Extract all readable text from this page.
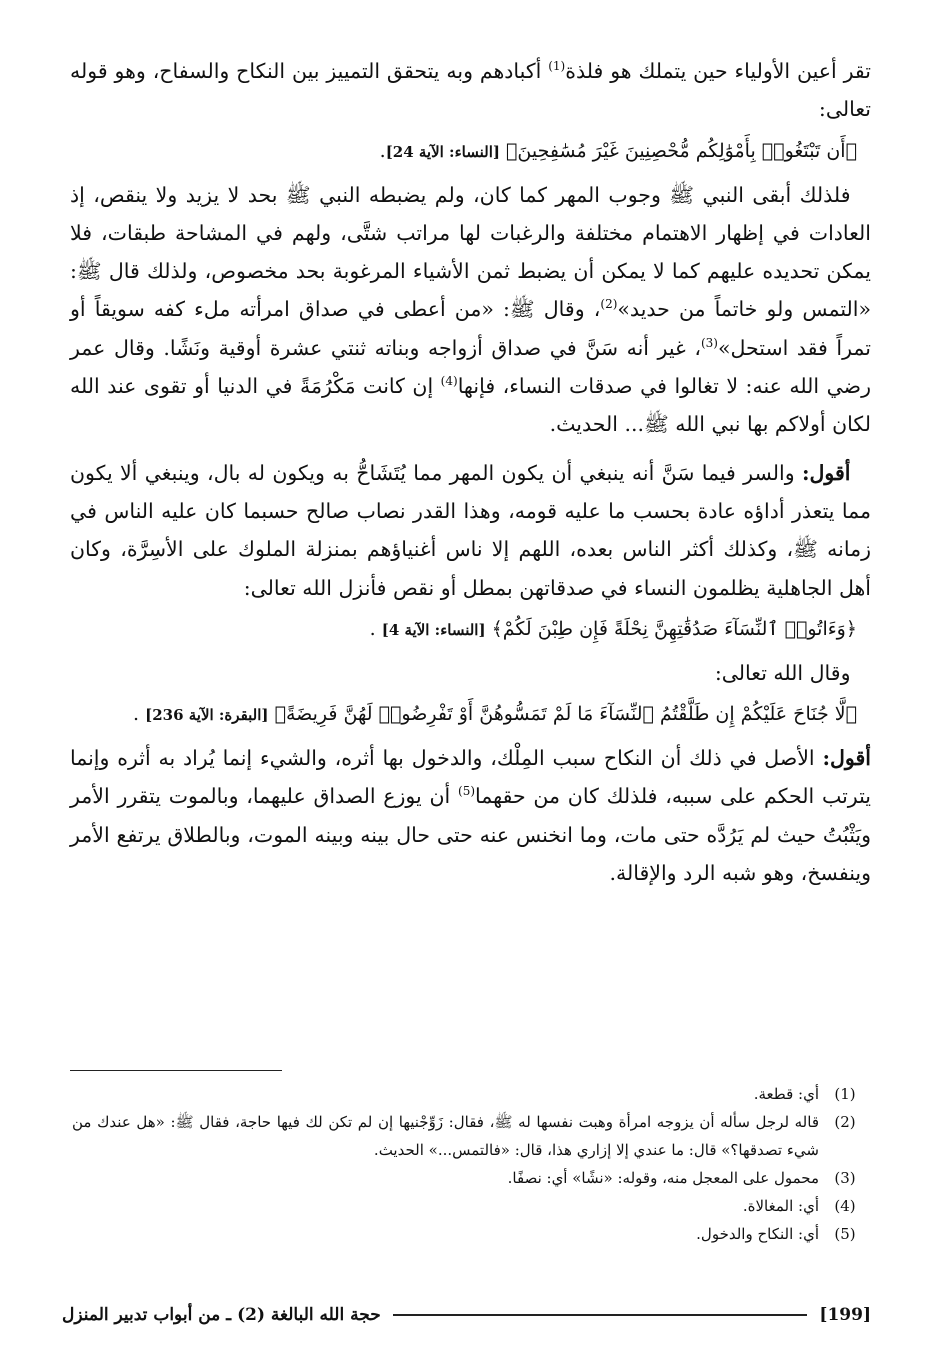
تقر أعين الأولياء حين يتملك هو فلذة$^{(1)}$ أكبادهم وبه يتحقق التمييز بين النكاح والسفاح، وهو قوله تعالى:

﴿أَن تَبْتَغُوا۟ بِأَمْوَٰلِكُم مُّحْصِنِينَ غَيْرَ مُسَٰفِحِينَ﴾ [النساء: الآية 24].

 فلذلك أبقى النبي ﷺ وجوب المهر كما كان، ولم يضبطه النبي ﷺ بحد لا يزيد ولا ينقص، إذ العادات في إظهار الاهتمام مختلفة والرغبات لها مراتب شتَّى، ولهم في المشاحة طبقات، فلا يمكن تحديده عليهم كما لا يمكن أن يضبط ثمن الأشياء المرغوبة بحد مخصوص، ولذلك قال ﷺ: «التمس ولو خاتماً من حديد»$^{(2)}$، وقال ﷺ: «من أعطى في صداق امرأته ملء كفه سويقاً أو تمراً فقد استحل»$^{(3)}$، غير أنه سَنَّ في صداق أزواجه وبناته ثنتي عشرة أوقية ونَشًا. وقال عمر رضي الله عنه: لا تغالوا في صدقات النساء، فإنها$^{(4)}$ إن كانت مَكْرُمَةً في الدنيا أو تقوى عند الله لكان أولاكم بها نبي الله ﷺ... الحديث.

 أقول: والسر فيما سَنَّ أنه ينبغي أن يكون المهر مما يُتَشَاحُّ به ويكون له بال، وينبغي ألا يكون مما يتعذر أداؤه عادة بحسب ما عليه قومه، وهذا القدر نصاب صالح حسبما كان عليه الناس في زمانه ﷺ، وكذلك أكثر الناس بعده، اللهم إلا ناس أغنياؤهم بمنزلة الملوك على الأسِرَّة، وكان أهل الجاهلية يظلمون النساء في صدقاتهن بمطل أو نقص فأنزل الله تعالى:

﴿وَءَاتُوا۟ ٱلنِّسَآءَ صَدُقَٰتِهِنَّ نِحْلَةً فَإِن طِبْنَ لَكُمْ﴾ [النساء: الآية 4] .

 وقال الله تعالى:

﴿لَّا جُنَاحَ عَلَيْكُمْ إِن طَلَّقْتُمُ ٱلنِّسَآءَ مَا لَمْ تَمَسُّوهُنَّ أَوْ تَفْرِضُوا۟ لَهُنَّ فَرِيضَةً﴾ [البقرة: الآية 236] .

أقول: الأصل في ذلك أن النكاح سبب المِلْك، والدخول بها أثره، والشيء إنما يُراد به أثره وإنما يترتب الحكم على سببه، فلذلك كان من حقهما$^{(5)}$ أن يوزع الصداق عليهما، وبالموت يتقرر الأمر ويَثْبُتُ حيث لم يَرُدَّه حتى مات، وما انخنس عنه حتى حال بينه وبينه الموت، وبالطلاق يرتفع الأمر وينفسخ، وهو شبه الرد والإقالة.

(1)
أي: قطعة.

(2)
قاله لرجل سأله أن يزوجه امرأة وهبت نفسها له ﷺ، فقال: زَوِّجْنيها إن لم تكن لك فيها حاجة، فقال ﷺ: «هل عندك من شيء تصدقها؟» قال: ما عندي إلا إزاري هذا، قال: «فالتمس...» الحديث.

(3)
محمول على المعجل منه، وقوله: «نشًا» أي: نصفًا.

(4)
أي: المغالاة.

(5)
أي: النكاح والدخول.

[199]
حجة الله البالغة (2) ـ من أبواب تدبير المنزل
